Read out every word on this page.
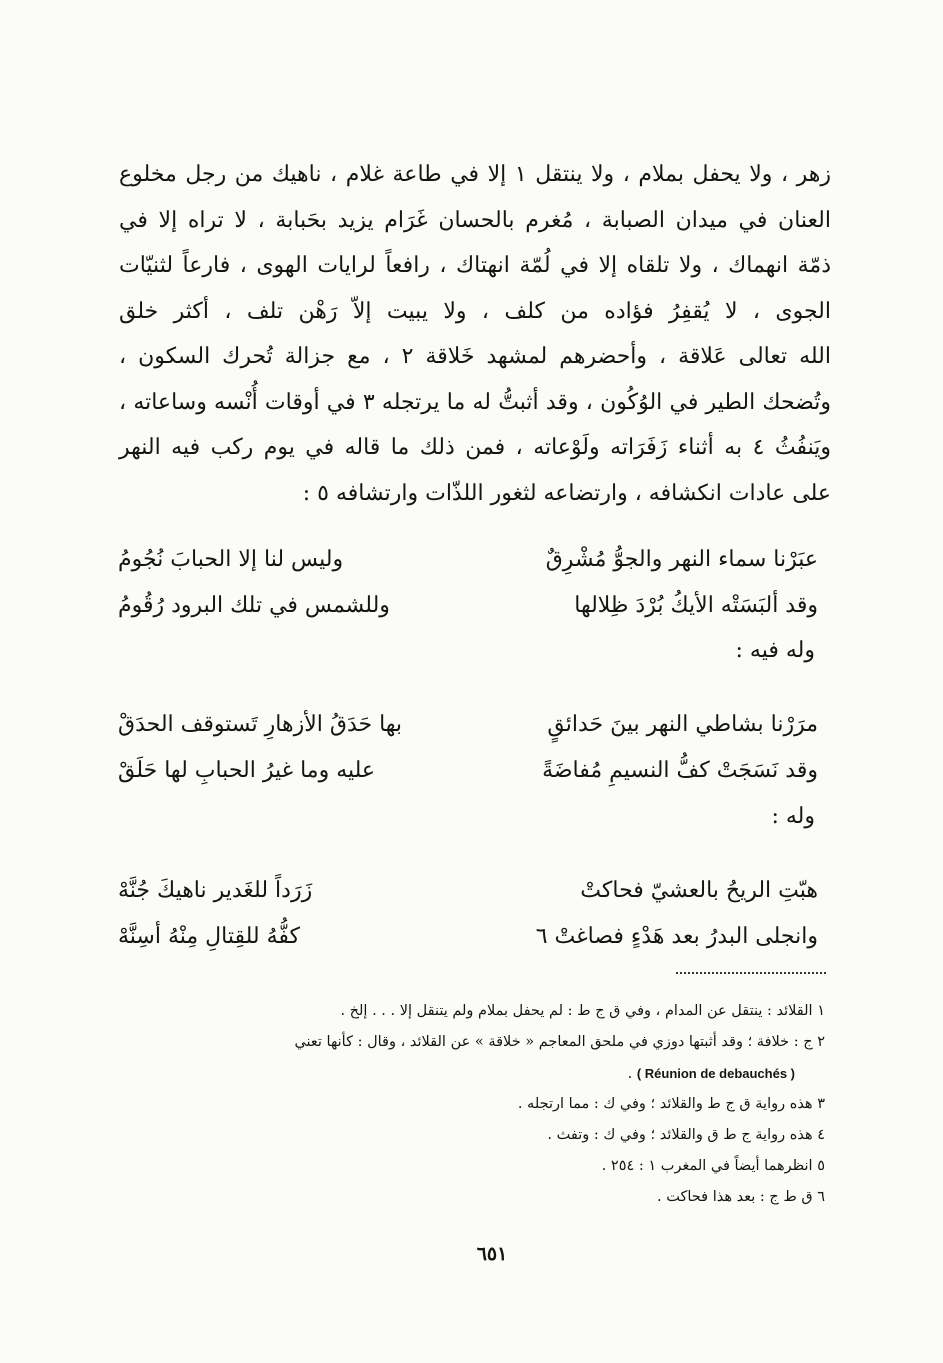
زهر ، ولا يحفل بملام ، ولا ينتقل ١ إلا في طاعة غلام ، ناهيك من رجل مخلوع
العنان في ميدان الصبابة ، مُغرم بالحسان غَرَام يزيد بحَبابة ، لا تراه إلا في
ذمّة انهماك ، ولا تلقاه إلا في لُمّة انهتاك ، رافعاً لرايات الهوى ، فارعاً لثنيّات
الجوى ، لا يُقفِرُ فؤاده من كلف ، ولا يبيت إلاّ رَهْن تلف ، أكثر خلق
الله تعالى عَلاقة ، وأحضرهم لمشهد خَلاقة ٢ ، مع جزالة تُحرك السكون ،
وتُضحك الطير في الوُكُون ، وقد أثبتُّ له ما يرتجله ٣ في أوقات أُنْسه وساعاته ،
ويَنفُثُ ٤ به أثناء زَفَرَاته ولَوْعاته ، فمن ذلك ما قاله في يوم ركب فيه النهر
على عادات انكشافه ، وارتضاعه لثغور اللذّات وارتشافه ٥ :
عبَرْنا سماء النهر والجوُّ مُشْرِقٌ
وليس لنا إلا الحبابَ نُجُومُ
وقد ألبَسَتْه الأيكُ بُرْدَ ظِلالها
وللشمس في تلك البرود رُقُومُ
وله فيه :
مرَرْنا بشاطي النهر بينَ حَدائقٍ
بها حَدَقُ الأزهارِ تَستوقف الحدَقْ
وقد نَسَجَتْ كفُّ النسيمِ مُفاضَةً
عليه وما غيرُ الحبابِ لها حَلَقْ
وله :
هبّتِ الريحُ بالعشيّ فحاكتْ
زَرَداً للغَدير ناهيكَ جُنَّهْ
وانجلى البدرُ بعد هَدْءٍ فصاغتْ ٦
كفُّهُ للقِتالِ مِنْهُ أسِنَّهْ
١ القلائد : ينتقل عن المدام ، وفي ق ج ط : لم يحفل بملام ولم يتنقل إلا . . . إلخ .
٢ ج : خلافة ؛ وقد أثبتها دوزي في ملحق المعاجم « خلاقة » عن القلائد ، وقال : كأنها تعني
( Réunion de debauchés ) .
٣ هذه رواية ق ج ط والقلائد ؛ وفي ك : مما ارتجله .
٤ هذه رواية ج ط ق والقلائد ؛ وفي ك : وتفث .
٥ انظرهما أيضاً في المغرب ١ : ٢٥٤ .
٦ ق ط ج : بعد هذا فحاكت .
٦٥١
